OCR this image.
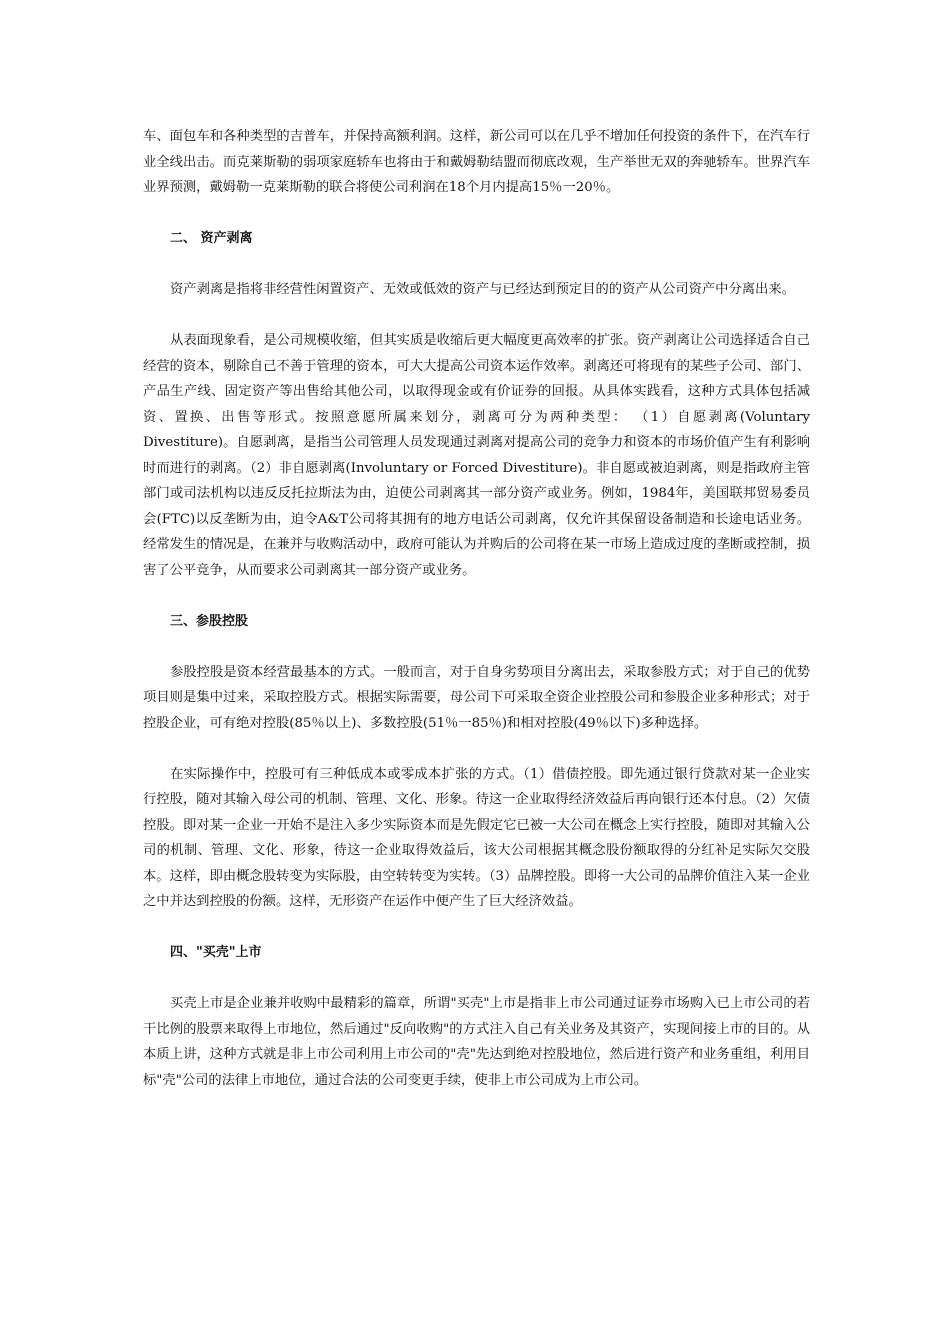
车、面包车和各种类型的吉普车，并保持高额利润。这样，新公司可以在几乎不增加任何投资的条件下，在汽车行业全线出击。而克莱斯勒的弱项家庭轿车也将由于和戴姆勒结盟而彻底改观，生产举世无双的奔驰轿车。世界汽车业界预测，戴姆勒一克莱斯勒的联合将使公司利润在18个月内提高15％一20％。

二、 资产剥离

资产剥离是指将非经营性闲置资产、无效或低效的资产与已经达到预定目的的资产从公司资产中分离出来。

从表面现象看，是公司规模收缩，但其实质是收缩后更大幅度更高效率的扩张。资产剥离让公司选择适合自己经营的资本，剔除自己不善于管理的资本，可大大提高公司资本运作效率。剥离还可将现有的某些子公司、部门、产品生产线、固定资产等出售给其他公司，以取得现金或有价证券的回报。从具体实践看，这种方式具体包括减资、置换、出售等形式。按照意愿所属来划分，剥离可分为两种类型： （1）自愿剥离(Voluntary Divestiture)。自愿剥离，是指当公司管理人员发现通过剥离对提高公司的竞争力和资本的市场价值产生有利影响时而进行的剥离。（2）非自愿剥离(Involuntary or Forced Divestiture)。非自愿或被迫剥离，则是指政府主管部门或司法机构以违反反托拉斯法为由，迫使公司剥离其一部分资产或业务。例如，1984年，美国联邦贸易委员会(FTC)以反垄断为由，迫令A&T公司将其拥有的地方电话公司剥离，仅允许其保留设备制造和长途电话业务。经常发生的情况是，在兼并与收购活动中，政府可能认为并购后的公司将在某一市场上造成过度的垄断或控制，损害了公平竞争，从而要求公司剥离其一部分资产或业务。

三、参股控股

参股控股是资本经营最基本的方式。一般而言，对于自身劣势项目分离出去，采取参股方式；对于自己的优势项目则是集中过来，采取控股方式。根据实际需要，母公司下可采取全资企业控股公司和参股企业多种形式；对于控股企业，可有绝对控股(85％以上)、多数控股(51％一85％)和相对控股(49％以下)多种选择。

在实际操作中，控股可有三种低成本或零成本扩张的方式。（1）借债控股。即先通过银行贷款对某一企业实行控股，随对其输入母公司的机制、管理、文化、形象。待这一企业取得经济效益后再向银行还本付息。（2）欠债控股。即对某一企业一开始不是注入多少实际资本而是先假定它已被一大公司在概念上实行控股，随即对其输入公司的机制、管理、文化、形象，待这一企业取得效益后，该大公司根据其概念股份额取得的分红补足实际欠交股本。这样，即由概念股转变为实际股，由空转转变为实转。（3）品牌控股。即将一大公司的品牌价值注入某一企业之中并达到控股的份额。这样，无形资产在运作中便产生了巨大经济效益。

四、"买壳"上市

买壳上市是企业兼并收购中最精彩的篇章，所谓"买壳"上市是指非上市公司通过证券市场购入已上市公司的若干比例的股票来取得上市地位，然后通过"反向收购"的方式注入自己有关业务及其资产，实现间接上市的目的。从本质上讲，这种方式就是非上市公司利用上市公司的"壳"先达到绝对控股地位，然后进行资产和业务重组，利用目标"壳"公司的法律上市地位，通过合法的公司变更手续，使非上市公司成为上市公司。
